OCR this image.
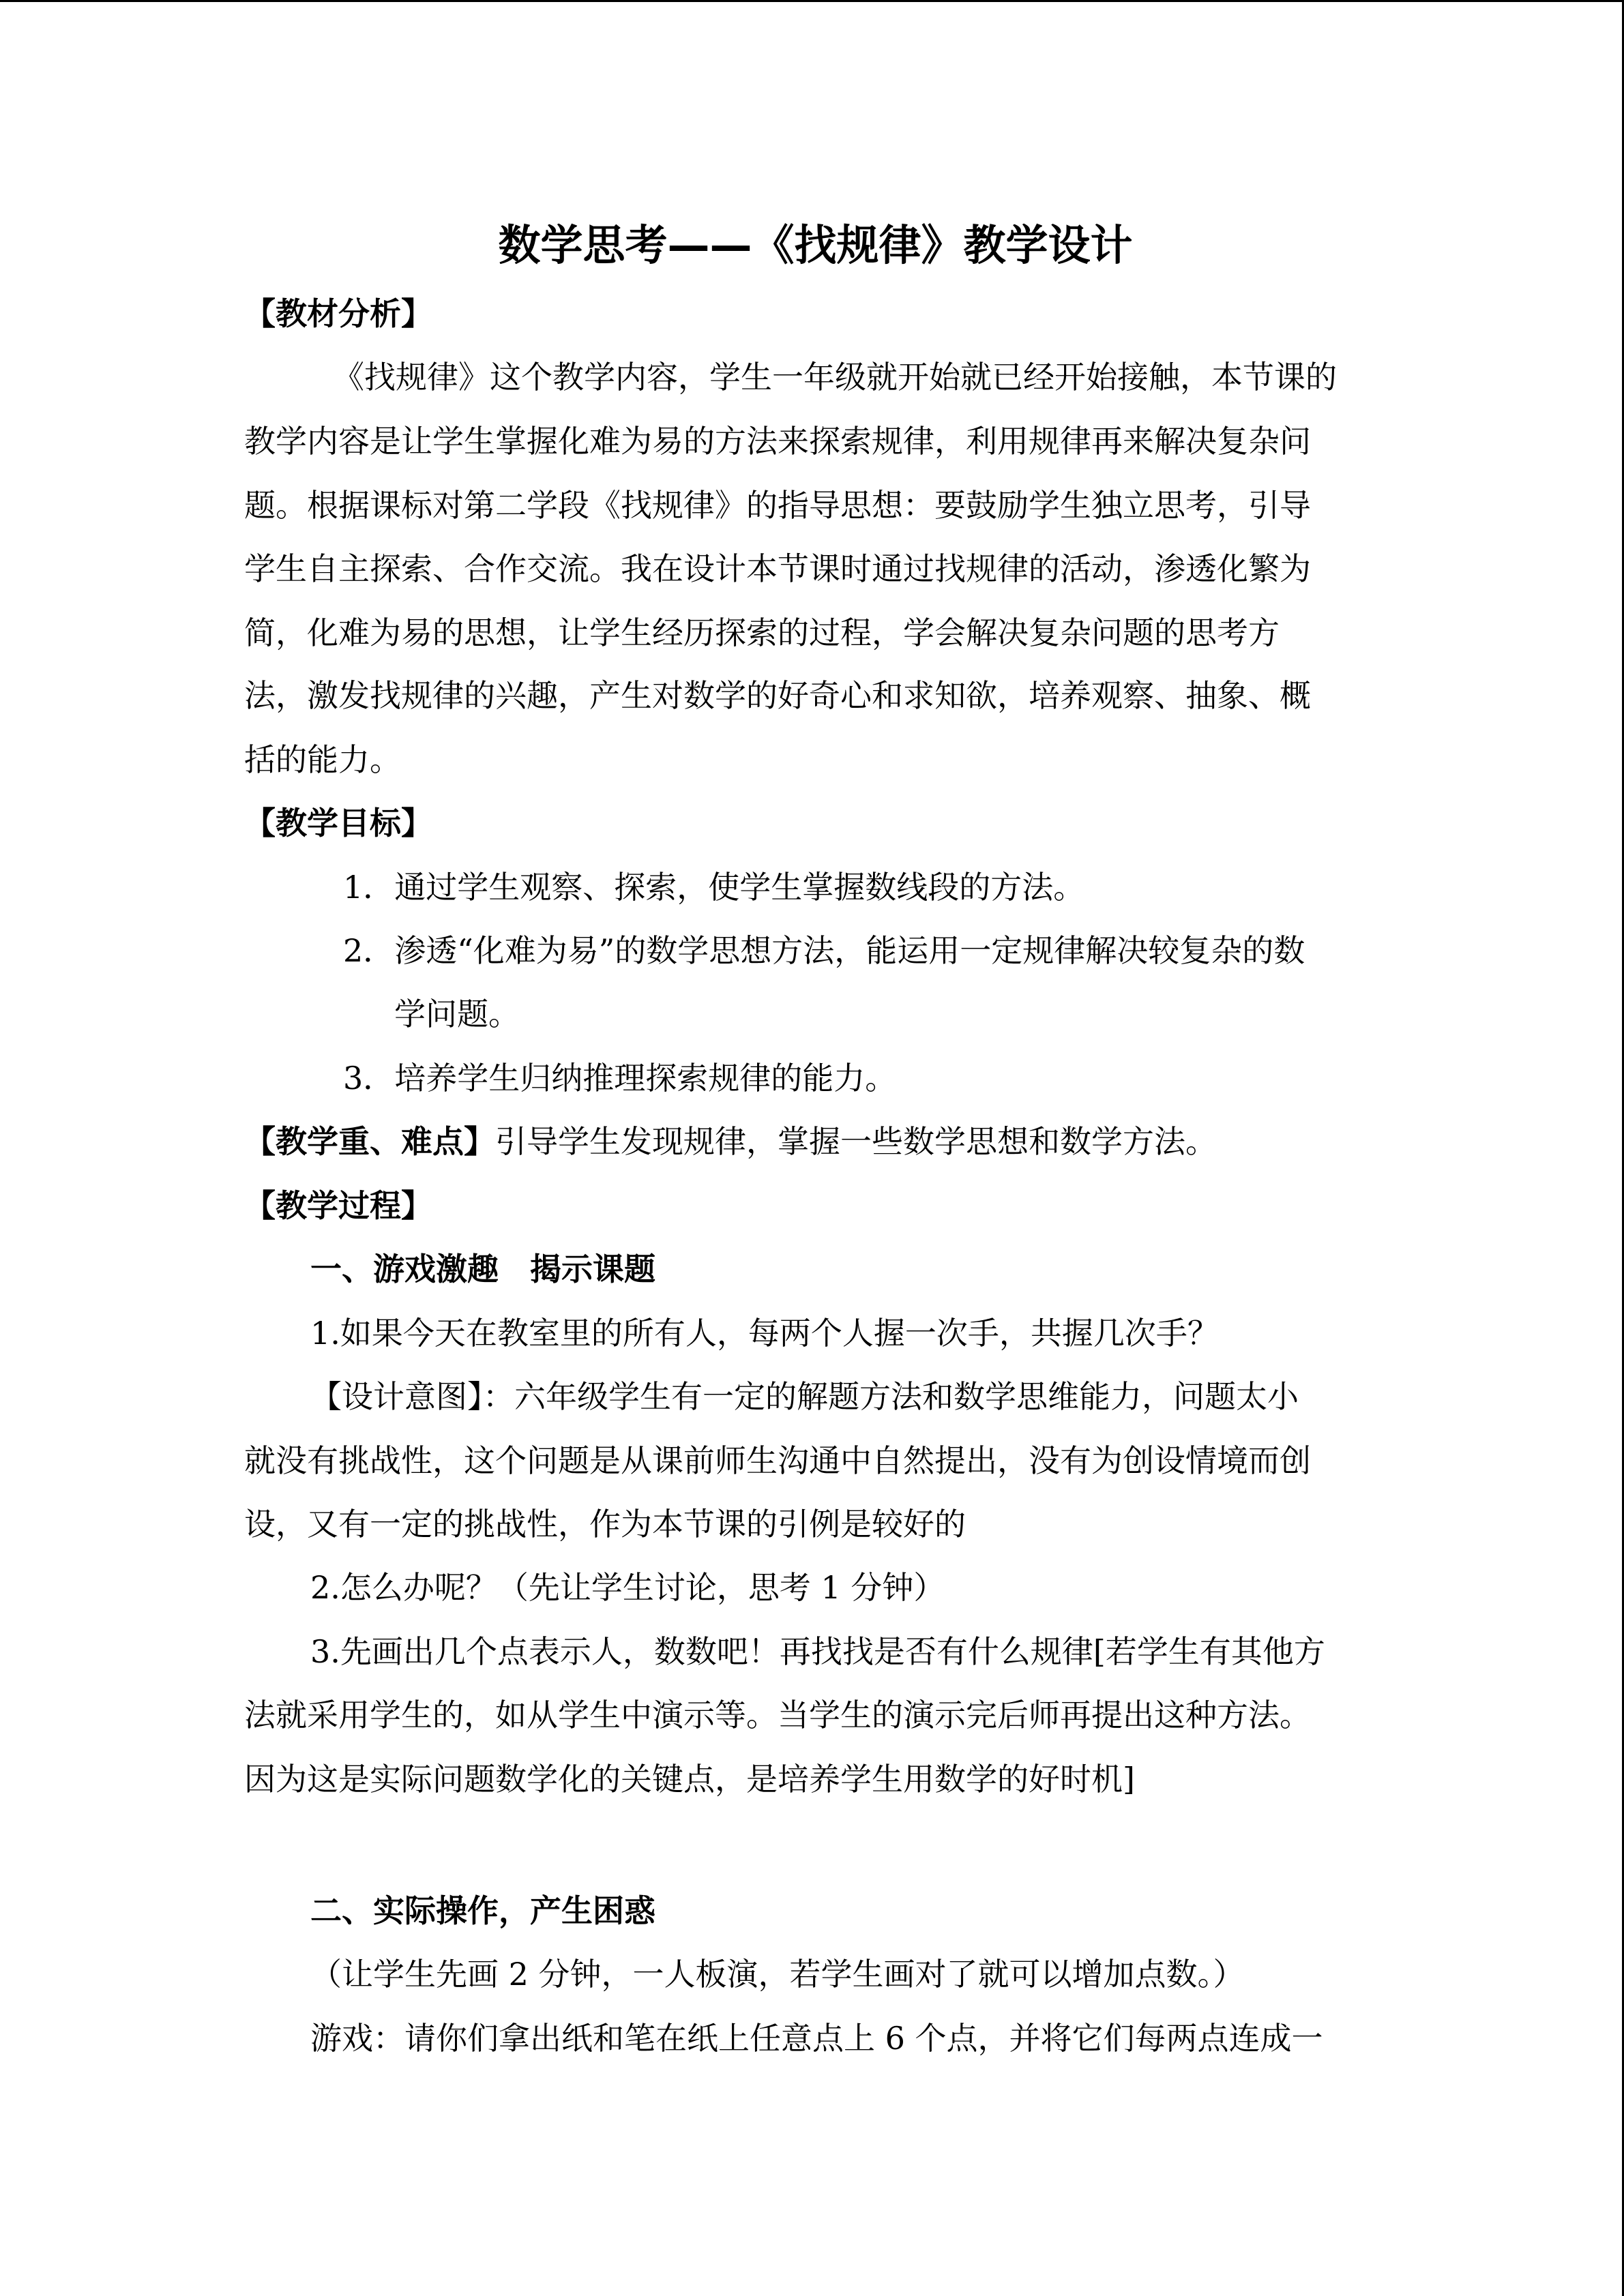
数学思考——《找规律》教学设计
【教材分析】
《找规律》这个教学内容，学生一年级就开始就已经开始接触，本节课的
教学内容是让学生掌握化难为易的方法来探索规律，利用规律再来解决复杂问
题。根据课标对第二学段《找规律》的指导思想：要鼓励学生独立思考，引导
学生自主探索、合作交流。我在设计本节课时通过找规律的活动，渗透化繁为
简，化难为易的思想，让学生经历探索的过程，学会解决复杂问题的思考方
法，激发找规律的兴趣，产生对数学的好奇心和求知欲，培养观察、抽象、概
括的能力。
【教学目标】
1．通过学生观察、探索，使学生掌握数线段的方法。
2．渗透“化难为易”的数学思想方法，能运用一定规律解决较复杂的数
学问题。
3．培养学生归纳推理探索规律的能力。
【教学重、难点】引导学生发现规律，掌握一些数学思想和数学方法。
【教学过程】
一、游戏激趣　揭示课题
1.如果今天在教室里的所有人，每两个人握一次手，共握几次手？
【设计意图】：六年级学生有一定的解题方法和数学思维能力，问题太小
就没有挑战性，这个问题是从课前师生沟通中自然提出，没有为创设情境而创
设，又有一定的挑战性，作为本节课的引例是较好的
2.怎么办呢？（先让学生讨论，思考 1 分钟）
3.先画出几个点表示人，数数吧！再找找是否有什么规律[若学生有其他方
法就采用学生的，如从学生中演示等。当学生的演示完后师再提出这种方法。
因为这是实际问题数学化的关键点，是培养学生用数学的好时机]
二、实际操作，产生困惑
（让学生先画 2 分钟，一人板演，若学生画对了就可以增加点数。）
游戏：请你们拿出纸和笔在纸上任意点上 6 个点，并将它们每两点连成一
